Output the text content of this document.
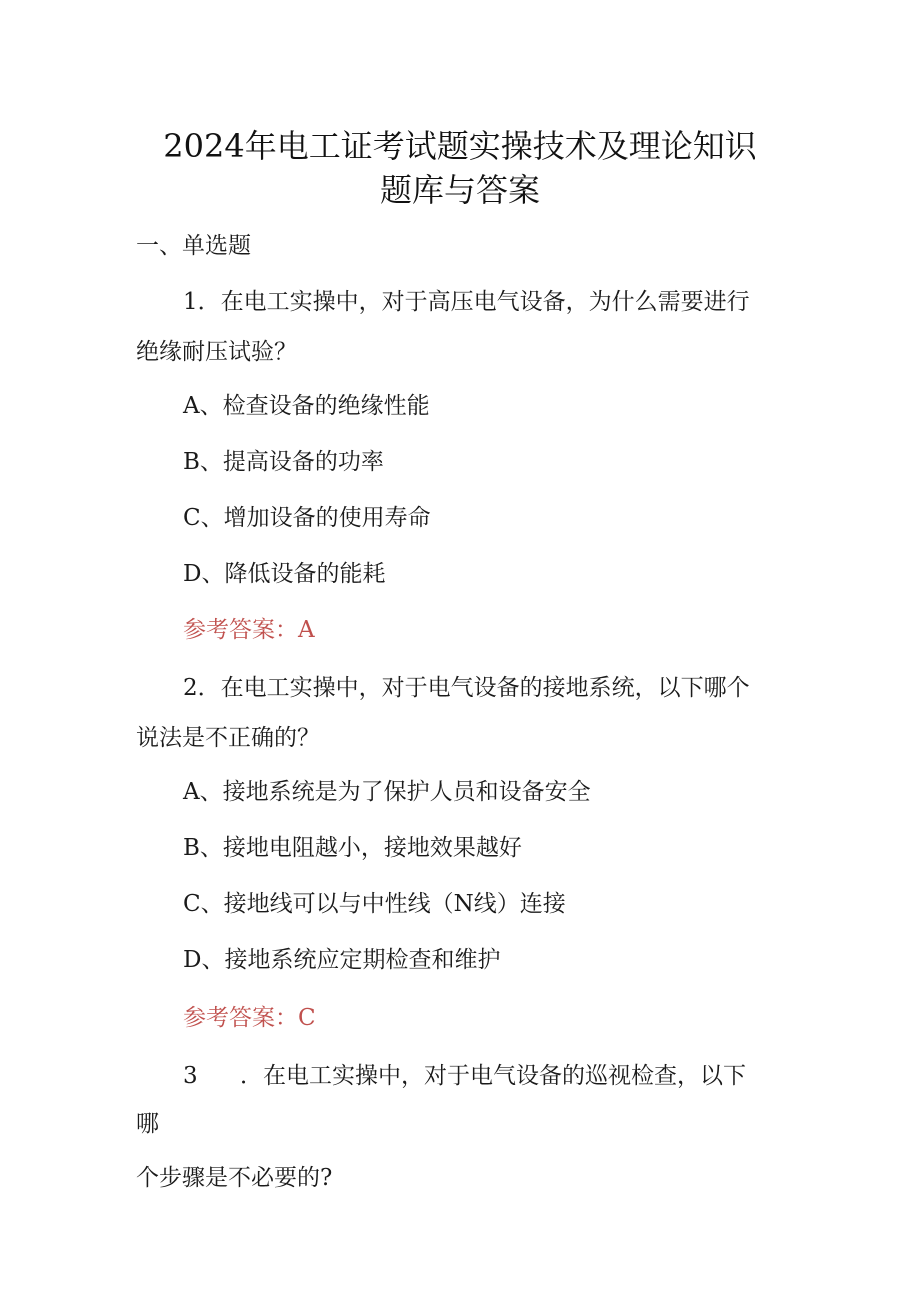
2024年电工证考试题实操技术及理论知识
题库与答案
一、单选题
1．在电工实操中，对于高压电气设备，为什么需要进行
绝缘耐压试验？
A、检查设备的绝缘性能
B、提高设备的功率
C、增加设备的使用寿命
D、降低设备的能耗
参考答案：A
2．在电工实操中，对于电气设备的接地系统，以下哪个
说法是不正确的？
A、接地系统是为了保护人员和设备安全
B、接地电阻越小，接地效果越好
C、接地线可以与中性线（N线）连接
D、接地系统应定期检查和维护
参考答案：C
3 ．在电工实操中，对于电气设备的巡视检查，以下
哪
个步骤是不必要的?
